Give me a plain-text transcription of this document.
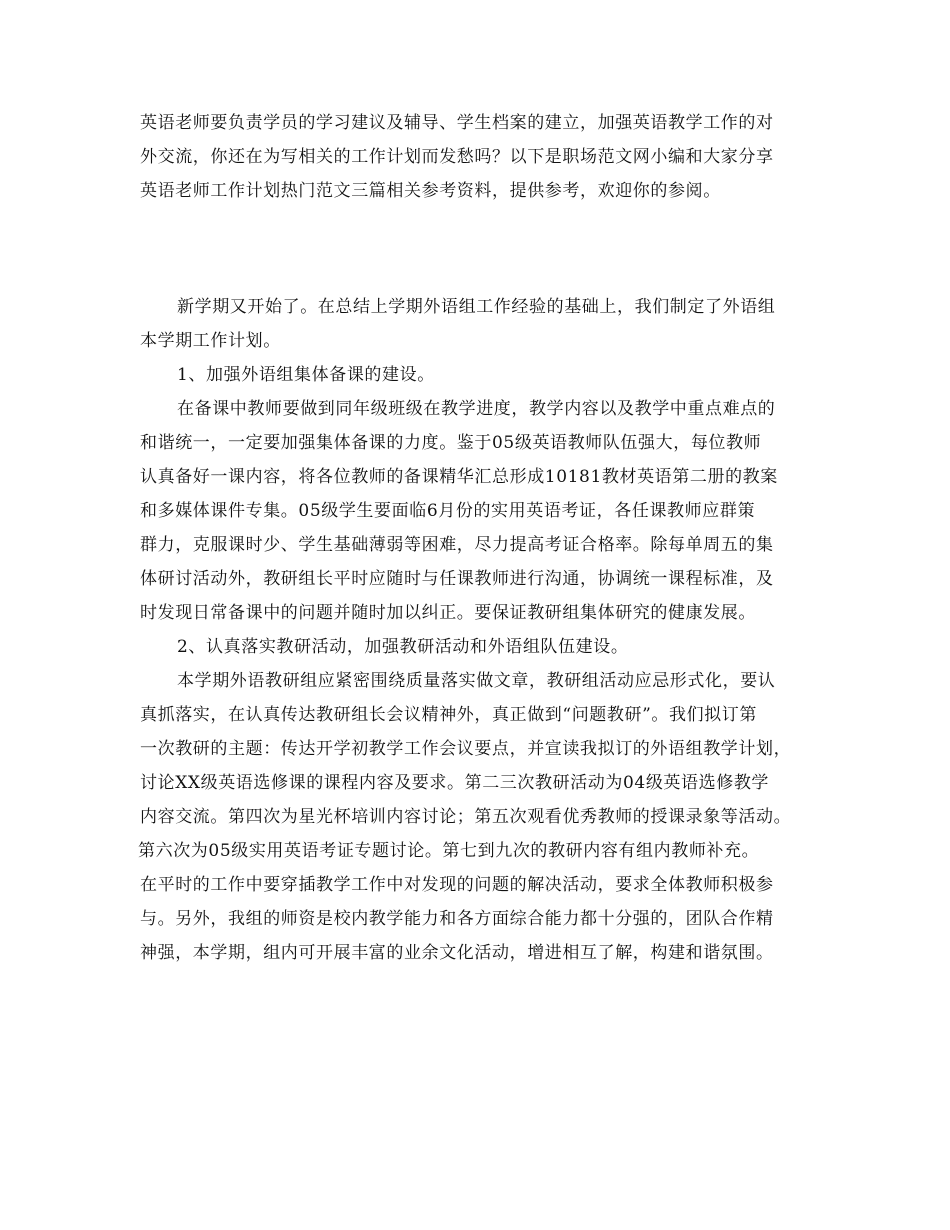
英语老师要负责学员的学习建议及辅导、学生档案的建立，加强英语教学工作的对
外交流，你还在为写相关的工作计划而发愁吗？以下是职场范文网小编和大家分享
英语老师工作计划热门范文三篇相关参考资料，提供参考，欢迎你的参阅。
新学期又开始了。在总结上学期外语组工作经验的基础上，我们制定了外语组
本学期工作计划。
1、加强外语组集体备课的建设。
在备课中教师要做到同年级班级在教学进度，教学内容以及教学中重点难点的
和谐统一，一定要加强集体备课的力度。鉴于05级英语教师队伍强大，每位教师
认真备好一课内容，将各位教师的备课精华汇总形成10181教材英语第二册的教案
和多媒体课件专集。05级学生要面临6月份的实用英语考证，各任课教师应群策
群力，克服课时少、学生基础薄弱等困难，尽力提高考证合格率。除每单周五的集
体研讨活动外，教研组长平时应随时与任课教师进行沟通，协调统一课程标准，及
时发现日常备课中的问题并随时加以纠正。要保证教研组集体研究的健康发展。
2、认真落实教研活动，加强教研活动和外语组队伍建设。
本学期外语教研组应紧密围绕质量落实做文章，教研组活动应忌形式化，要认
真抓落实，在认真传达教研组长会议精神外，真正做到“问题教研”。我们拟订第
一次教研的主题：传达开学初教学工作会议要点，并宣读我拟订的外语组教学计划，
讨论XX级英语选修课的课程内容及要求。第二三次教研活动为04级英语选修教学
内容交流。第四次为星光杯培训内容讨论；第五次观看优秀教师的授课录象等活动。
第六次为05级实用英语考证专题讨论。第七到九次的教研内容有组内教师补充。
在平时的工作中要穿插教学工作中对发现的问题的解决活动，要求全体教师积极参
与。另外，我组的师资是校内教学能力和各方面综合能力都十分强的，团队合作精
神强，本学期，组内可开展丰富的业余文化活动，增进相互了解，构建和谐氛围。
